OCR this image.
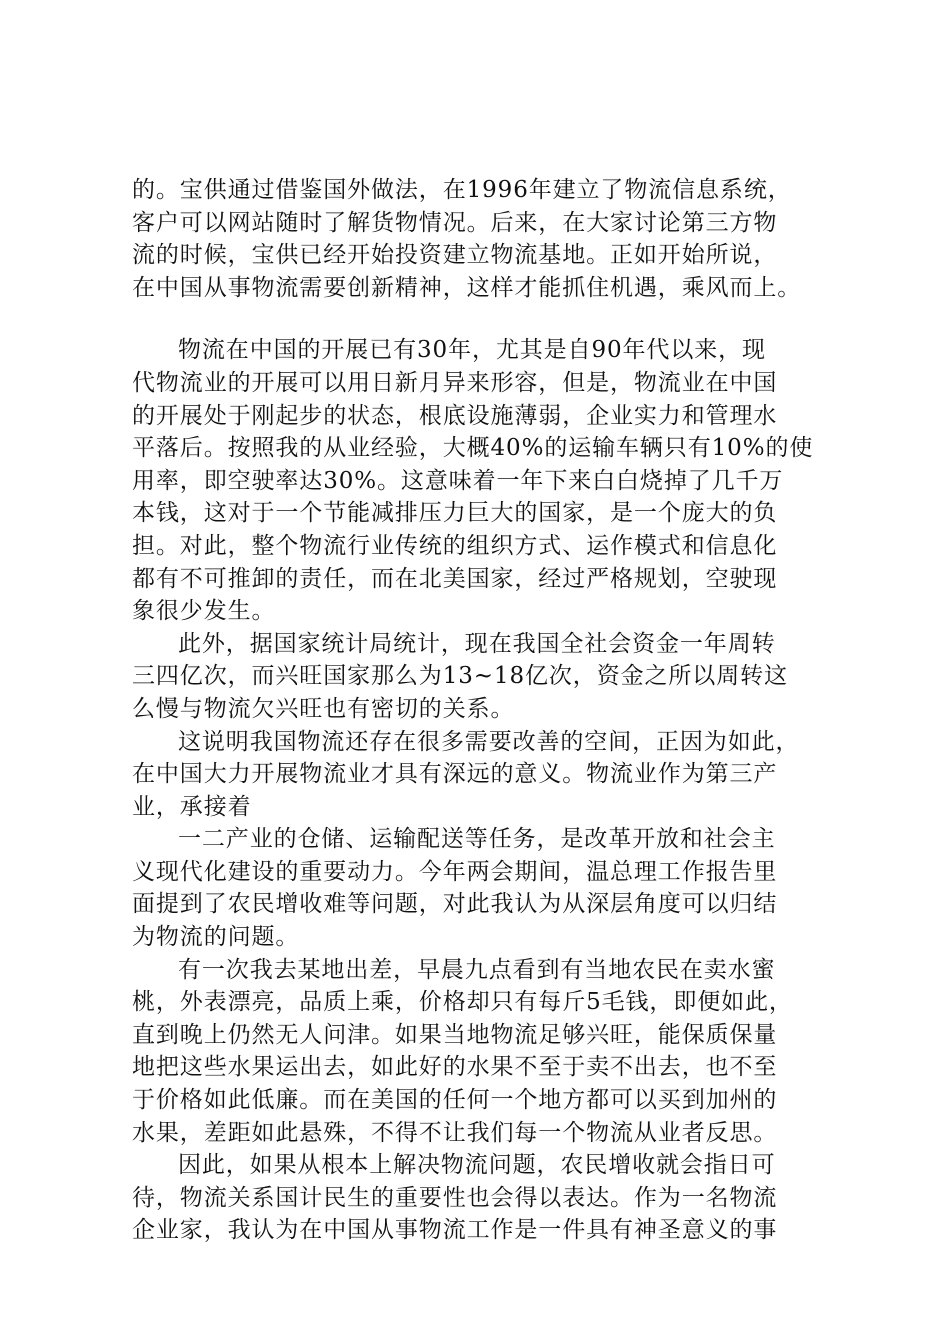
的。宝供通过借鉴国外做法，在1996年建立了物流信息系统，
客户可以网站随时了解货物情况。后来，在大家讨论第三方物
流的时候，宝供已经开始投资建立物流基地。正如开始所说，
在中国从事物流需要创新精神，这样才能抓住机遇，乘风而上。
物流在中国的开展已有30年，尤其是自90年代以来，现
代物流业的开展可以用日新月异来形容，但是，物流业在中国
的开展处于刚起步的状态，根底设施薄弱，企业实力和管理水
平落后。按照我的从业经验，大概40%的运输车辆只有10%的使
用率，即空驶率达30%。这意味着一年下来白白烧掉了几千万
本钱，这对于一个节能减排压力巨大的国家，是一个庞大的负
担。对此，整个物流行业传统的组织方式、运作模式和信息化
都有不可推卸的责任，而在北美国家，经过严格规划，空驶现
象很少发生。
此外，据国家统计局统计，现在我国全社会资金一年周转
三四亿次，而兴旺国家那么为13~18亿次，资金之所以周转这
么慢与物流欠兴旺也有密切的关系。
这说明我国物流还存在很多需要改善的空间，正因为如此，
在中国大力开展物流业才具有深远的意义。物流业作为第三产
业，承接着
一二产业的仓储、运输配送等任务，是改革开放和社会主
义现代化建设的重要动力。今年两会期间，温总理工作报告里
面提到了农民增收难等问题，对此我认为从深层角度可以归结
为物流的问题。
有一次我去某地出差，早晨九点看到有当地农民在卖水蜜
桃，外表漂亮，品质上乘，价格却只有每斤5毛钱，即便如此，
直到晚上仍然无人问津。如果当地物流足够兴旺，能保质保量
地把这些水果运出去，如此好的水果不至于卖不出去，也不至
于价格如此低廉。而在美国的任何一个地方都可以买到加州的
水果，差距如此悬殊，不得不让我们每一个物流从业者反思。
因此，如果从根本上解决物流问题，农民增收就会指日可
待，物流关系国计民生的重要性也会得以表达。作为一名物流
企业家，我认为在中国从事物流工作是一件具有神圣意义的事
